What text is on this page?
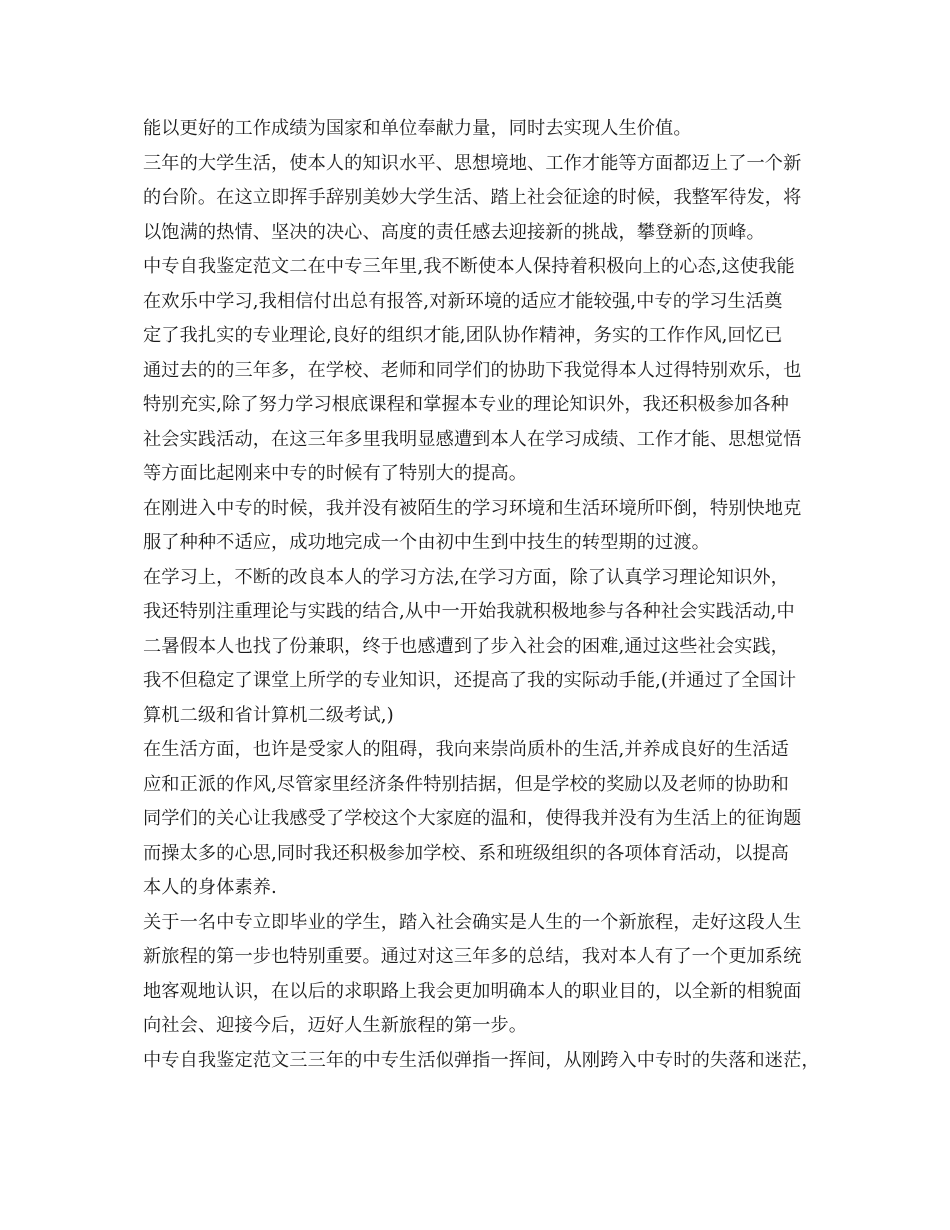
能以更好的工作成绩为国家和单位奉献力量，同时去实现人生价值。
三年的大学生活，使本人的知识水平、思想境地、工作才能等方面都迈上了一个新
的台阶。在这立即挥手辞别美妙大学生活、踏上社会征途的时候，我整军待发，将
以饱满的热情、坚决的决心、高度的责任感去迎接新的挑战，攀登新的顶峰。
中专自我鉴定范文二在中专三年里,我不断使本人保持着积极向上的心态,这使我能
在欢乐中学习,我相信付出总有报答,对新环境的适应才能较强,中专的学习生活奠
定了我扎实的专业理论,良好的组织才能,团队协作精神，务实的工作作风,回忆已
通过去的的三年多，在学校、老师和同学们的协助下我觉得本人过得特别欢乐，也
特别充实,除了努力学习根底课程和掌握本专业的理论知识外，我还积极参加各种
社会实践活动，在这三年多里我明显感遭到本人在学习成绩、工作才能、思想觉悟
等方面比起刚来中专的时候有了特别大的提高。
在刚进入中专的时候，我并没有被陌生的学习环境和生活环境所吓倒，特别快地克
服了种种不适应，成功地完成一个由初中生到中技生的转型期的过渡。
在学习上，不断的改良本人的学习方法,在学习方面，除了认真学习理论知识外，
我还特别注重理论与实践的结合,从中一开始我就积极地参与各种社会实践活动,中
二暑假本人也找了份兼职，终于也感遭到了步入社会的困难,通过这些社会实践，
我不但稳定了课堂上所学的专业知识，还提高了我的实际动手能,(并通过了全国计
算机二级和省计算机二级考试,)
在生活方面，也许是受家人的阻碍，我向来崇尚质朴的生活,并养成良好的生活适
应和正派的作风,尽管家里经济条件特别拮据，但是学校的奖励以及老师的协助和
同学们的关心让我感受了学校这个大家庭的温和，使得我并没有为生活上的征询题
而操太多的心思,同时我还积极参加学校、系和班级组织的各项体育活动，以提高
本人的身体素养.
关于一名中专立即毕业的学生，踏入社会确实是人生的一个新旅程，走好这段人生
新旅程的第一步也特别重要。通过对这三年多的总结，我对本人有了一个更加系统
地客观地认识，在以后的求职路上我会更加明确本人的职业目的，以全新的相貌面
向社会、迎接今后，迈好人生新旅程的第一步。
中专自我鉴定范文三三年的中专生活似弹指一挥间，从刚跨入中专时的失落和迷茫，
